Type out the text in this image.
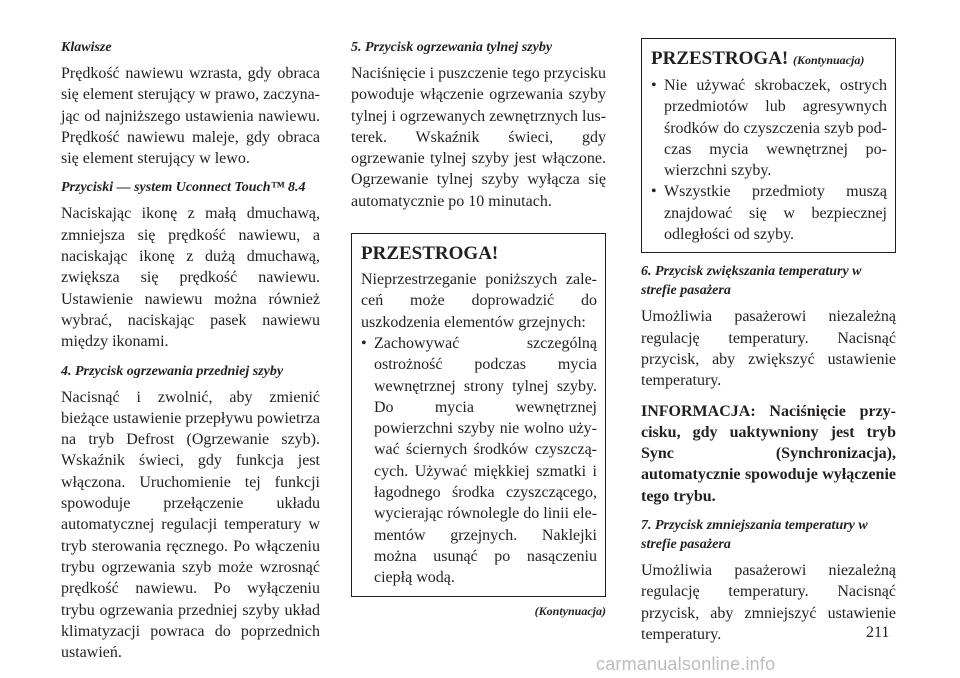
Klawisze

Prędkość nawiewu wzrasta, gdy obraca się element sterujący w prawo, zaczynając od najniższego ustawienia nawiewu. Prędkość nawiewu maleje, gdy obraca się element sterujący w lewo.

Przyciski — system Uconnect Touch™ 8.4

Naciskając ikonę z małą dmuchawą, zmniejsza się prędkość nawiewu, a naciskając ikonę z dużą dmuchawą, zwiększa się prędkość nawiewu. Ustawienie nawiewu można również wybrać, naciskając pasek nawiewu między ikonami.

4. Przycisk ogrzewania przedniej szyby

Nacisnąć i zwolnić, aby zmienić bieżące ustawienie przepływu powietrza na tryb Defrost (Ogrzewanie szyb). Wskaźnik świeci, gdy funkcja jest włączona. Uruchomienie tej funkcji spowoduje przełączenie układu automatycznej regulacji temperatury w tryb sterowania ręcznego. Po włączeniu trybu ogrzewania szyb może wzrosnąć prędkość nawiewu. Po wyłączeniu trybu ogrzewania przedniej szyby układ klimatyzacji powraca do poprzednich ustawień.

5. Przycisk ogrzewania tylnej szyby

Naciśnięcie i puszczenie tego przycisku powoduje włączenie ogrzewania szyby tylnej i ogrzewanych zewnętrznych lusterek. Wskaźnik świeci, gdy ogrzewanie tylnej szyby jest włączone. Ogrzewanie tylnej szyby wyłącza się automatycznie po 10 minutach.

PRZESTROGA!

Nieprzestrzeganie poniższych zaleceń może doprowadzić do uszkodzenia elementów grzejnych:

• Zachowywać szczególną ostrożność podczas mycia wewnętrznej strony tylnej szyby. Do mycia wewnętrznej powierzchni szyby nie wolno używać ściernych środków czyszczących. Używać miękkiej szmatki i łagodnego środka czyszczącego, wycierając równolegle do linii elementów grzejnych. Naklejki można usunąć po nasączeniu ciepłą wodą.
(Kontynuacja)
PRZESTROGA! (Kontynuacja)
• Nie używać skrobaczek, ostrych przedmiotów lub agresywnych środków do czyszczenia szyb podczas mycia wewnętrznej powierzchni szyby.
• Wszystkie przedmioty muszą znajdować się w bezpiecznej odległości od szyby.
6. Przycisk zwiększania temperatury w strefie pasażera

Umożliwia pasażerowi niezależną regulację temperatury. Nacisnąć przycisk, aby zwiększyć ustawienie temperatury.

INFORMACJA: Naciśnięcie przycisku, gdy uaktywniony jest tryb Sync (Synchronizacja), automatycznie spowoduje wyłączenie tego trybu.

7. Przycisk zmniejszania temperatury w strefie pasażera

Umożliwia pasażerowi niezależną regulację temperatury. Nacisnąć przycisk, aby zmniejszyć ustawienie temperatury.	211
carmanualsonline.info
